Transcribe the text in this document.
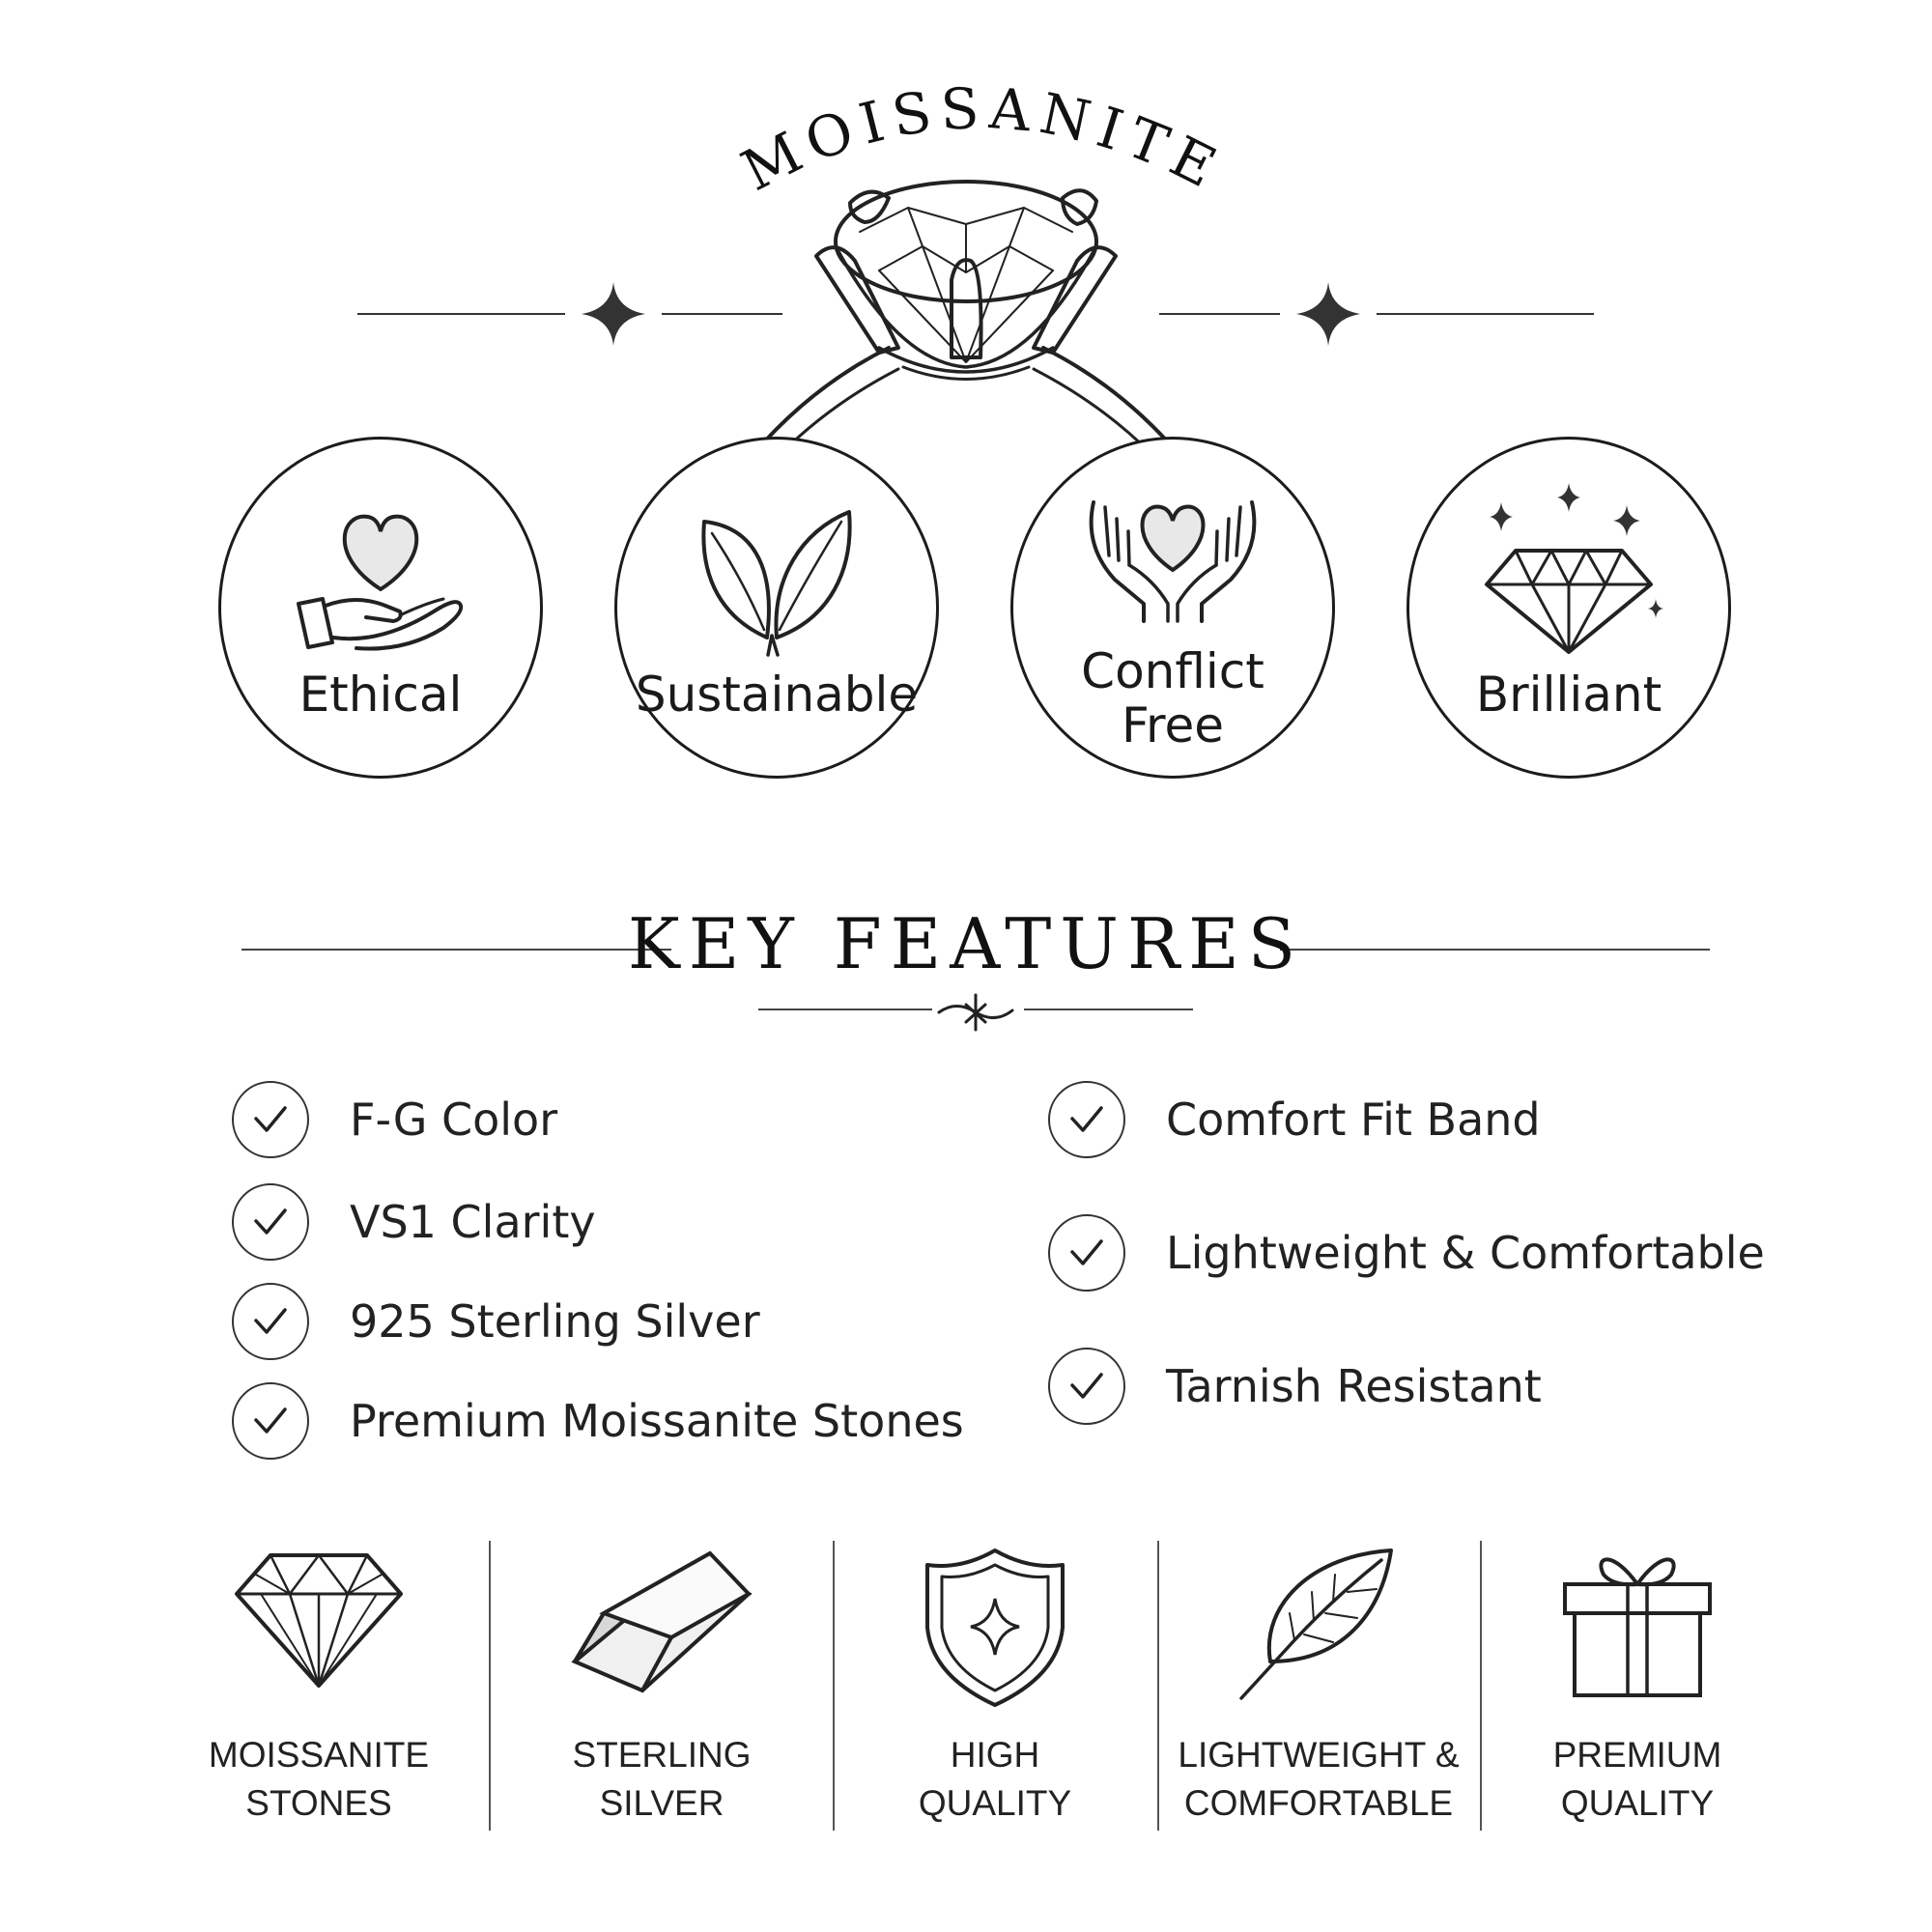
MOISSANITE
Ethical	Sustainable	Conflict
Free
Brilliant
KEY FEATURES
F-G Color
VS1 Clarity
925 Sterling Silver
Premium Moissanite Stones
Comfort Fit Band
Lightweight & Comfortable
Tarnish Resistant
MOISSANITE
STONES
STERLING
SILVER
HIGH
QUALITY
LIGHTWEIGHT &
COMFORTABLE
PREMIUM
QUALITY
